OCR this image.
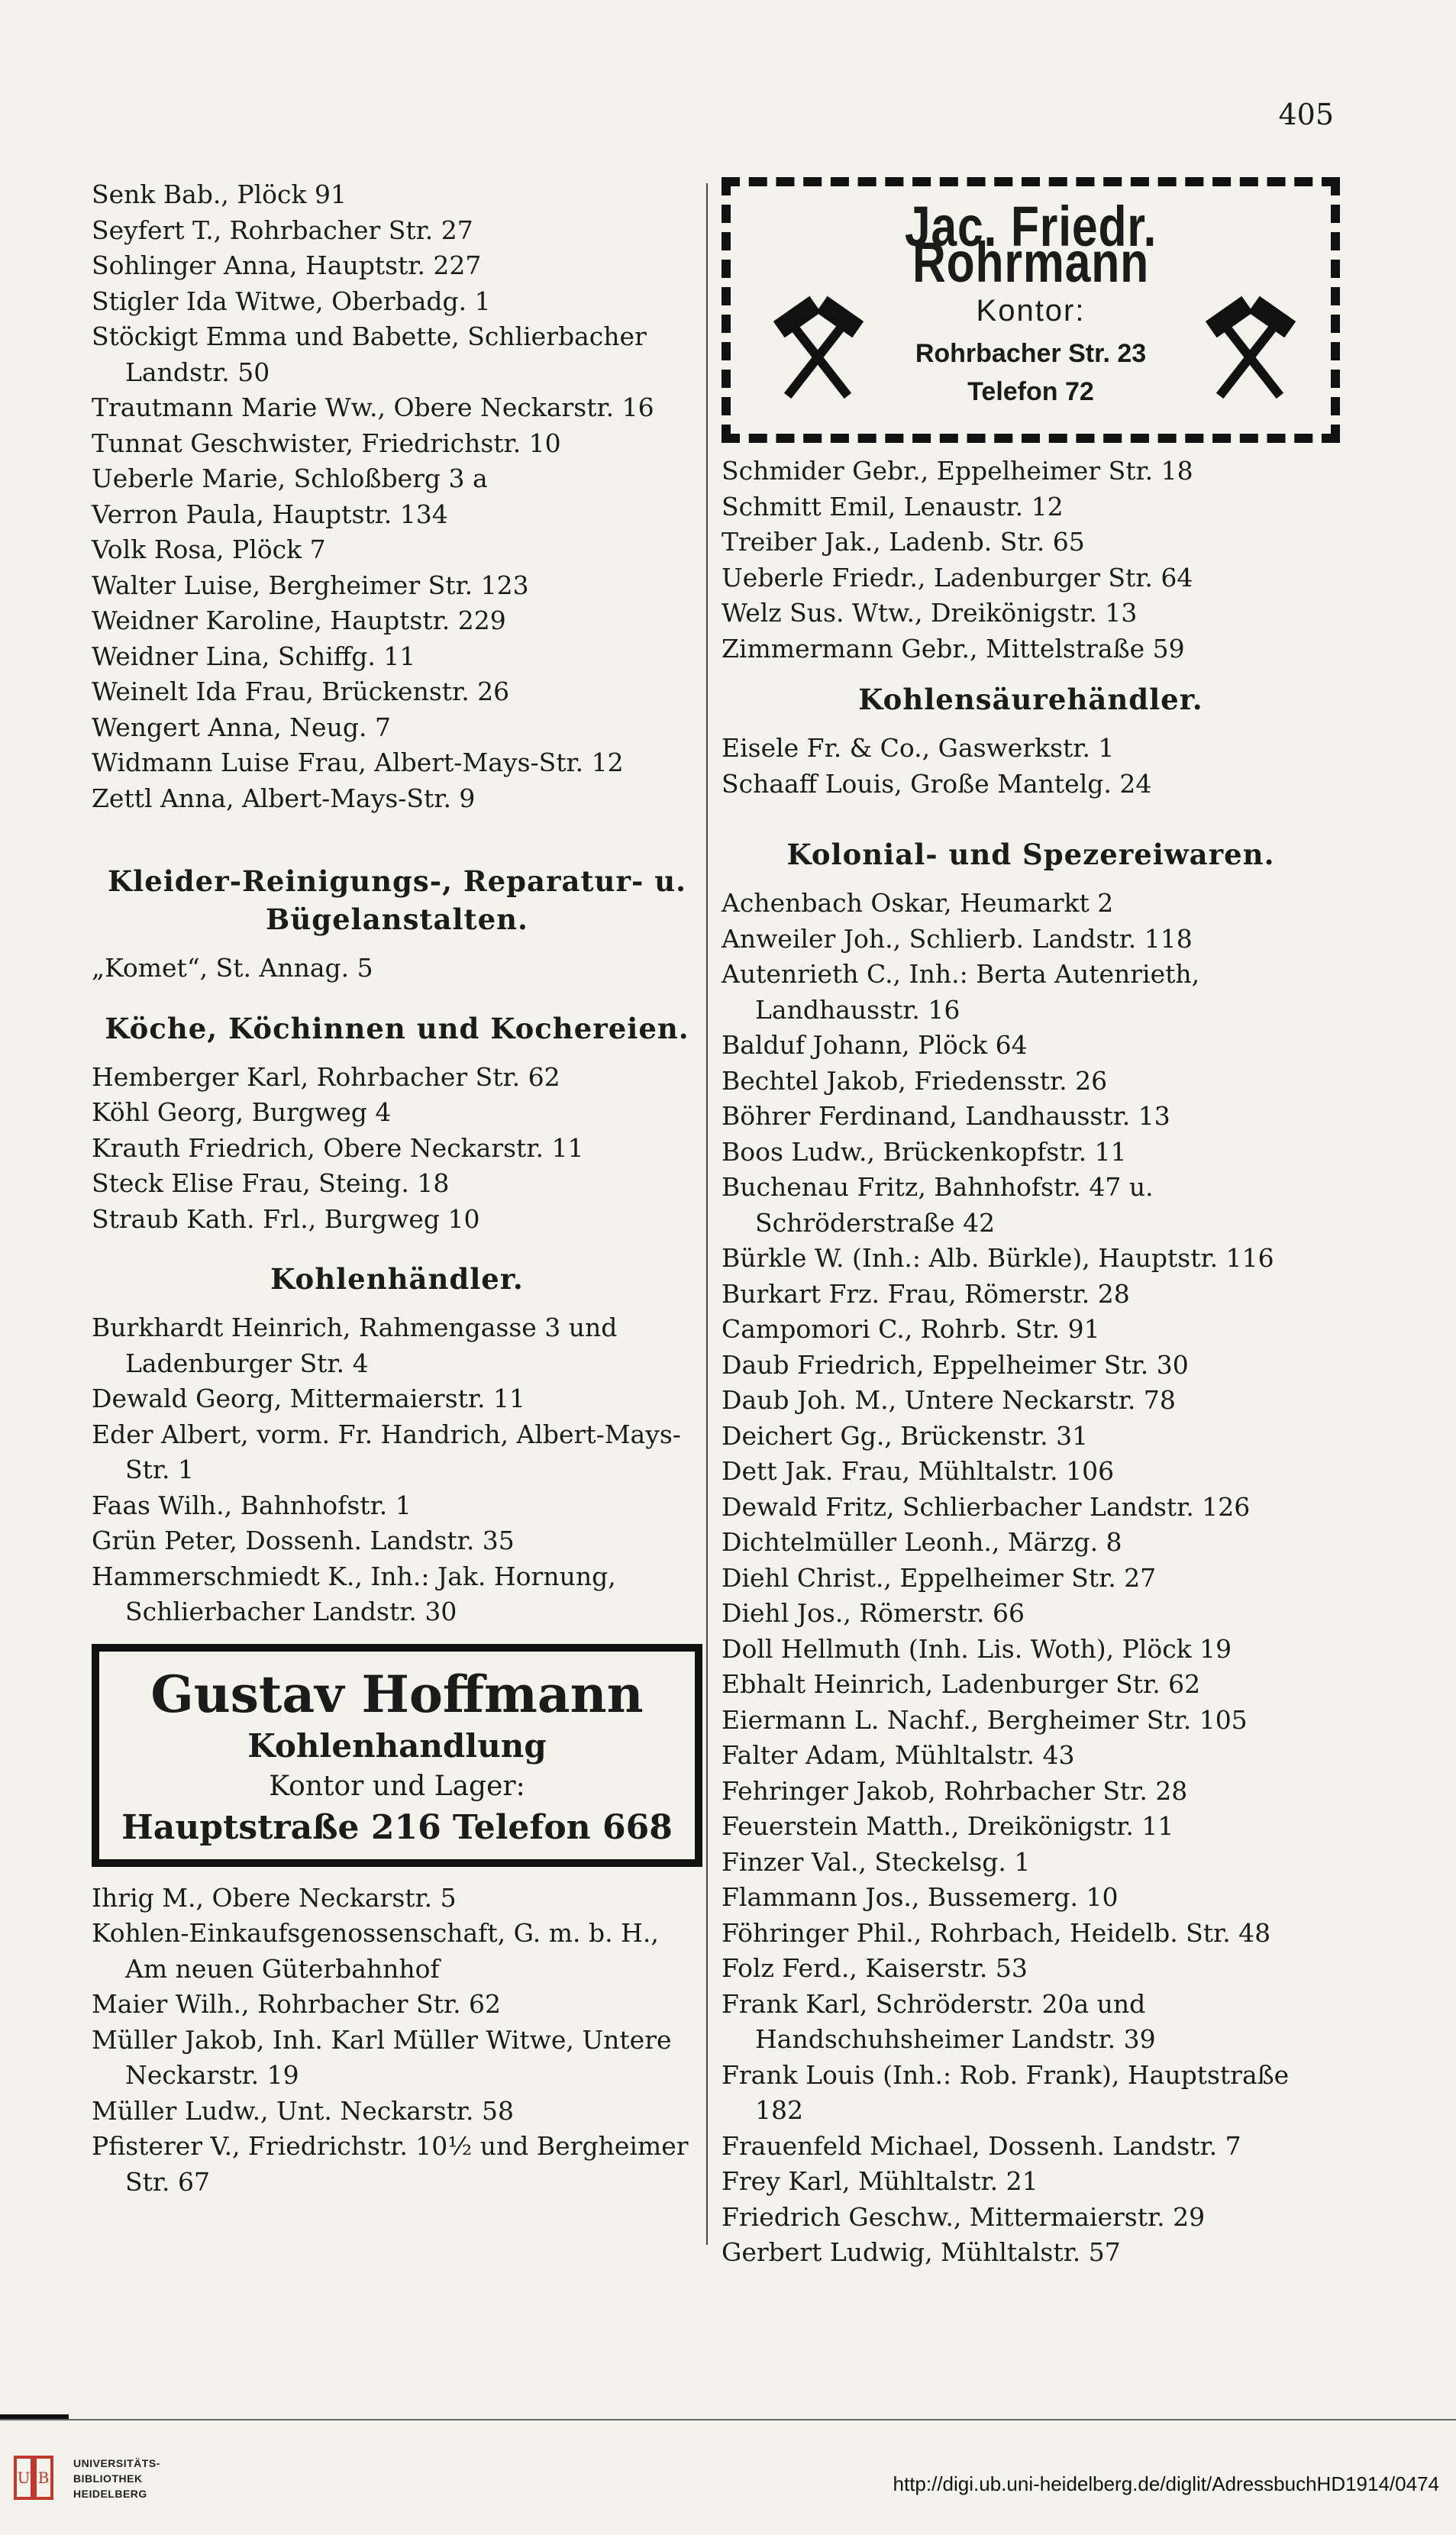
405
Senk Bab., Plöck 91
Seyfert T., Rohrbacher Str. 27
Sohlinger Anna, Hauptstr. 227
Stigler Ida Witwe, Oberbadg. 1
Stöckigt Emma und Babette, Schlierbacher Landstr. 50
Trautmann Marie Ww., Obere Neckarstr. 16
Tunnat Geschwister, Friedrichstr. 10
Ueberle Marie, Schloßberg 3 a
Verron Paula, Hauptstr. 134
Volk Rosa, Plöck 7
Walter Luise, Bergheimer Str. 123
Weidner Karoline, Hauptstr. 229
Weidner Lina, Schiffg. 11
Weinelt Ida Frau, Brückenstr. 26
Wengert Anna, Neug. 7
Widmann Luise Frau, Albert-Mays-Str. 12
Zettl Anna, Albert-Mays-Str. 9
Kleider-Reinigungs-, Reparatur- u. Bügelanstalten.
„Komet“, St. Annag. 5
Köche, Köchinnen und Kochereien.
Hemberger Karl, Rohrbacher Str. 62
Köhl Georg, Burgweg 4
Krauth Friedrich, Obere Neckarstr. 11
Steck Elise Frau, Steing. 18
Straub Kath. Frl., Burgweg 10
Kohlenhändler.
Burkhardt Heinrich, Rahmengasse 3 und Ladenburger Str. 4
Dewald Georg, Mittermaierstr. 11
Eder Albert, vorm. Fr. Handrich, Albert-Mays-Str. 1
Faas Wilh., Bahnhofstr. 1
Grün Peter, Dossenh. Landstr. 35
Hammerschmiedt K., Inh.: Jak. Hornung, Schlierbacher Landstr. 30
Gustav Hoffmann
Kohlenhandlung
Kontor und Lager:
Hauptstraße 216 Telefon 668
Ihrig M., Obere Neckarstr. 5
Kohlen-Einkaufsgenossenschaft, G. m. b. H., Am neuen Güterbahnhof
Maier Wilh., Rohrbacher Str. 62
Müller Jakob, Inh. Karl Müller Witwe, Untere Neckarstr. 19
Müller Ludw., Unt. Neckarstr. 58
Pfisterer V., Friedrichstr. 10½ und Bergheimer Str. 67
Jac. Friedr. Rohrmann
Kontor:
Rohrbacher Str. 23
Telefon 72
Schmider Gebr., Eppelheimer Str. 18
Schmitt Emil, Lenaustr. 12
Treiber Jak., Ladenb. Str. 65
Ueberle Friedr., Ladenburger Str. 64
Welz Sus. Wtw., Dreikönigstr. 13
Zimmermann Gebr., Mittelstraße 59
Kohlensäurehändler.
Eisele Fr. & Co., Gaswerkstr. 1
Schaaff Louis, Große Mantelg. 24
Kolonial- und Spezereiwaren.
Achenbach Oskar, Heumarkt 2
Anweiler Joh., Schlierb. Landstr. 118
Autenrieth C., Inh.: Berta Autenrieth, Landhausstr. 16
Balduf Johann, Plöck 64
Bechtel Jakob, Friedensstr. 26
Böhrer Ferdinand, Landhausstr. 13
Boos Ludw., Brückenkopfstr. 11
Buchenau Fritz, Bahnhofstr. 47 u. Schröderstraße 42
Bürkle W. (Inh.: Alb. Bürkle), Hauptstr. 116
Burkart Frz. Frau, Römerstr. 28
Campomori C., Rohrb. Str. 91
Daub Friedrich, Eppelheimer Str. 30
Daub Joh. M., Untere Neckarstr. 78
Deichert Gg., Brückenstr. 31
Dett Jak. Frau, Mühltalstr. 106
Dewald Fritz, Schlierbacher Landstr. 126
Dichtelmüller Leonh., Märzg. 8
Diehl Christ., Eppelheimer Str. 27
Diehl Jos., Römerstr. 66
Doll Hellmuth (Inh. Lis. Woth), Plöck 19
Ebhalt Heinrich, Ladenburger Str. 62
Eiermann L. Nachf., Bergheimer Str. 105
Falter Adam, Mühltalstr. 43
Fehringer Jakob, Rohrbacher Str. 28
Feuerstein Matth., Dreikönigstr. 11
Finzer Val., Steckelsg. 1
Flammann Jos., Bussemerg. 10
Föhringer Phil., Rohrbach, Heidelb. Str. 48
Folz Ferd., Kaiserstr. 53
Frank Karl, Schröderstr. 20a und Handschuhsheimer Landstr. 39
Frank Louis (Inh.: Rob. Frank), Hauptstraße 182
Frauenfeld Michael, Dossenh. Landstr. 7
Frey Karl, Mühltalstr. 21
Friedrich Geschw., Mittermaierstr. 29
Gerbert Ludwig, Mühltalstr. 57
U B
UNIVERSITÄTS-
BIBLIOTHEK
HEIDELBERG	http://digi.ub.uni-heidelberg.de/diglit/AdressbuchHD1914/0474
